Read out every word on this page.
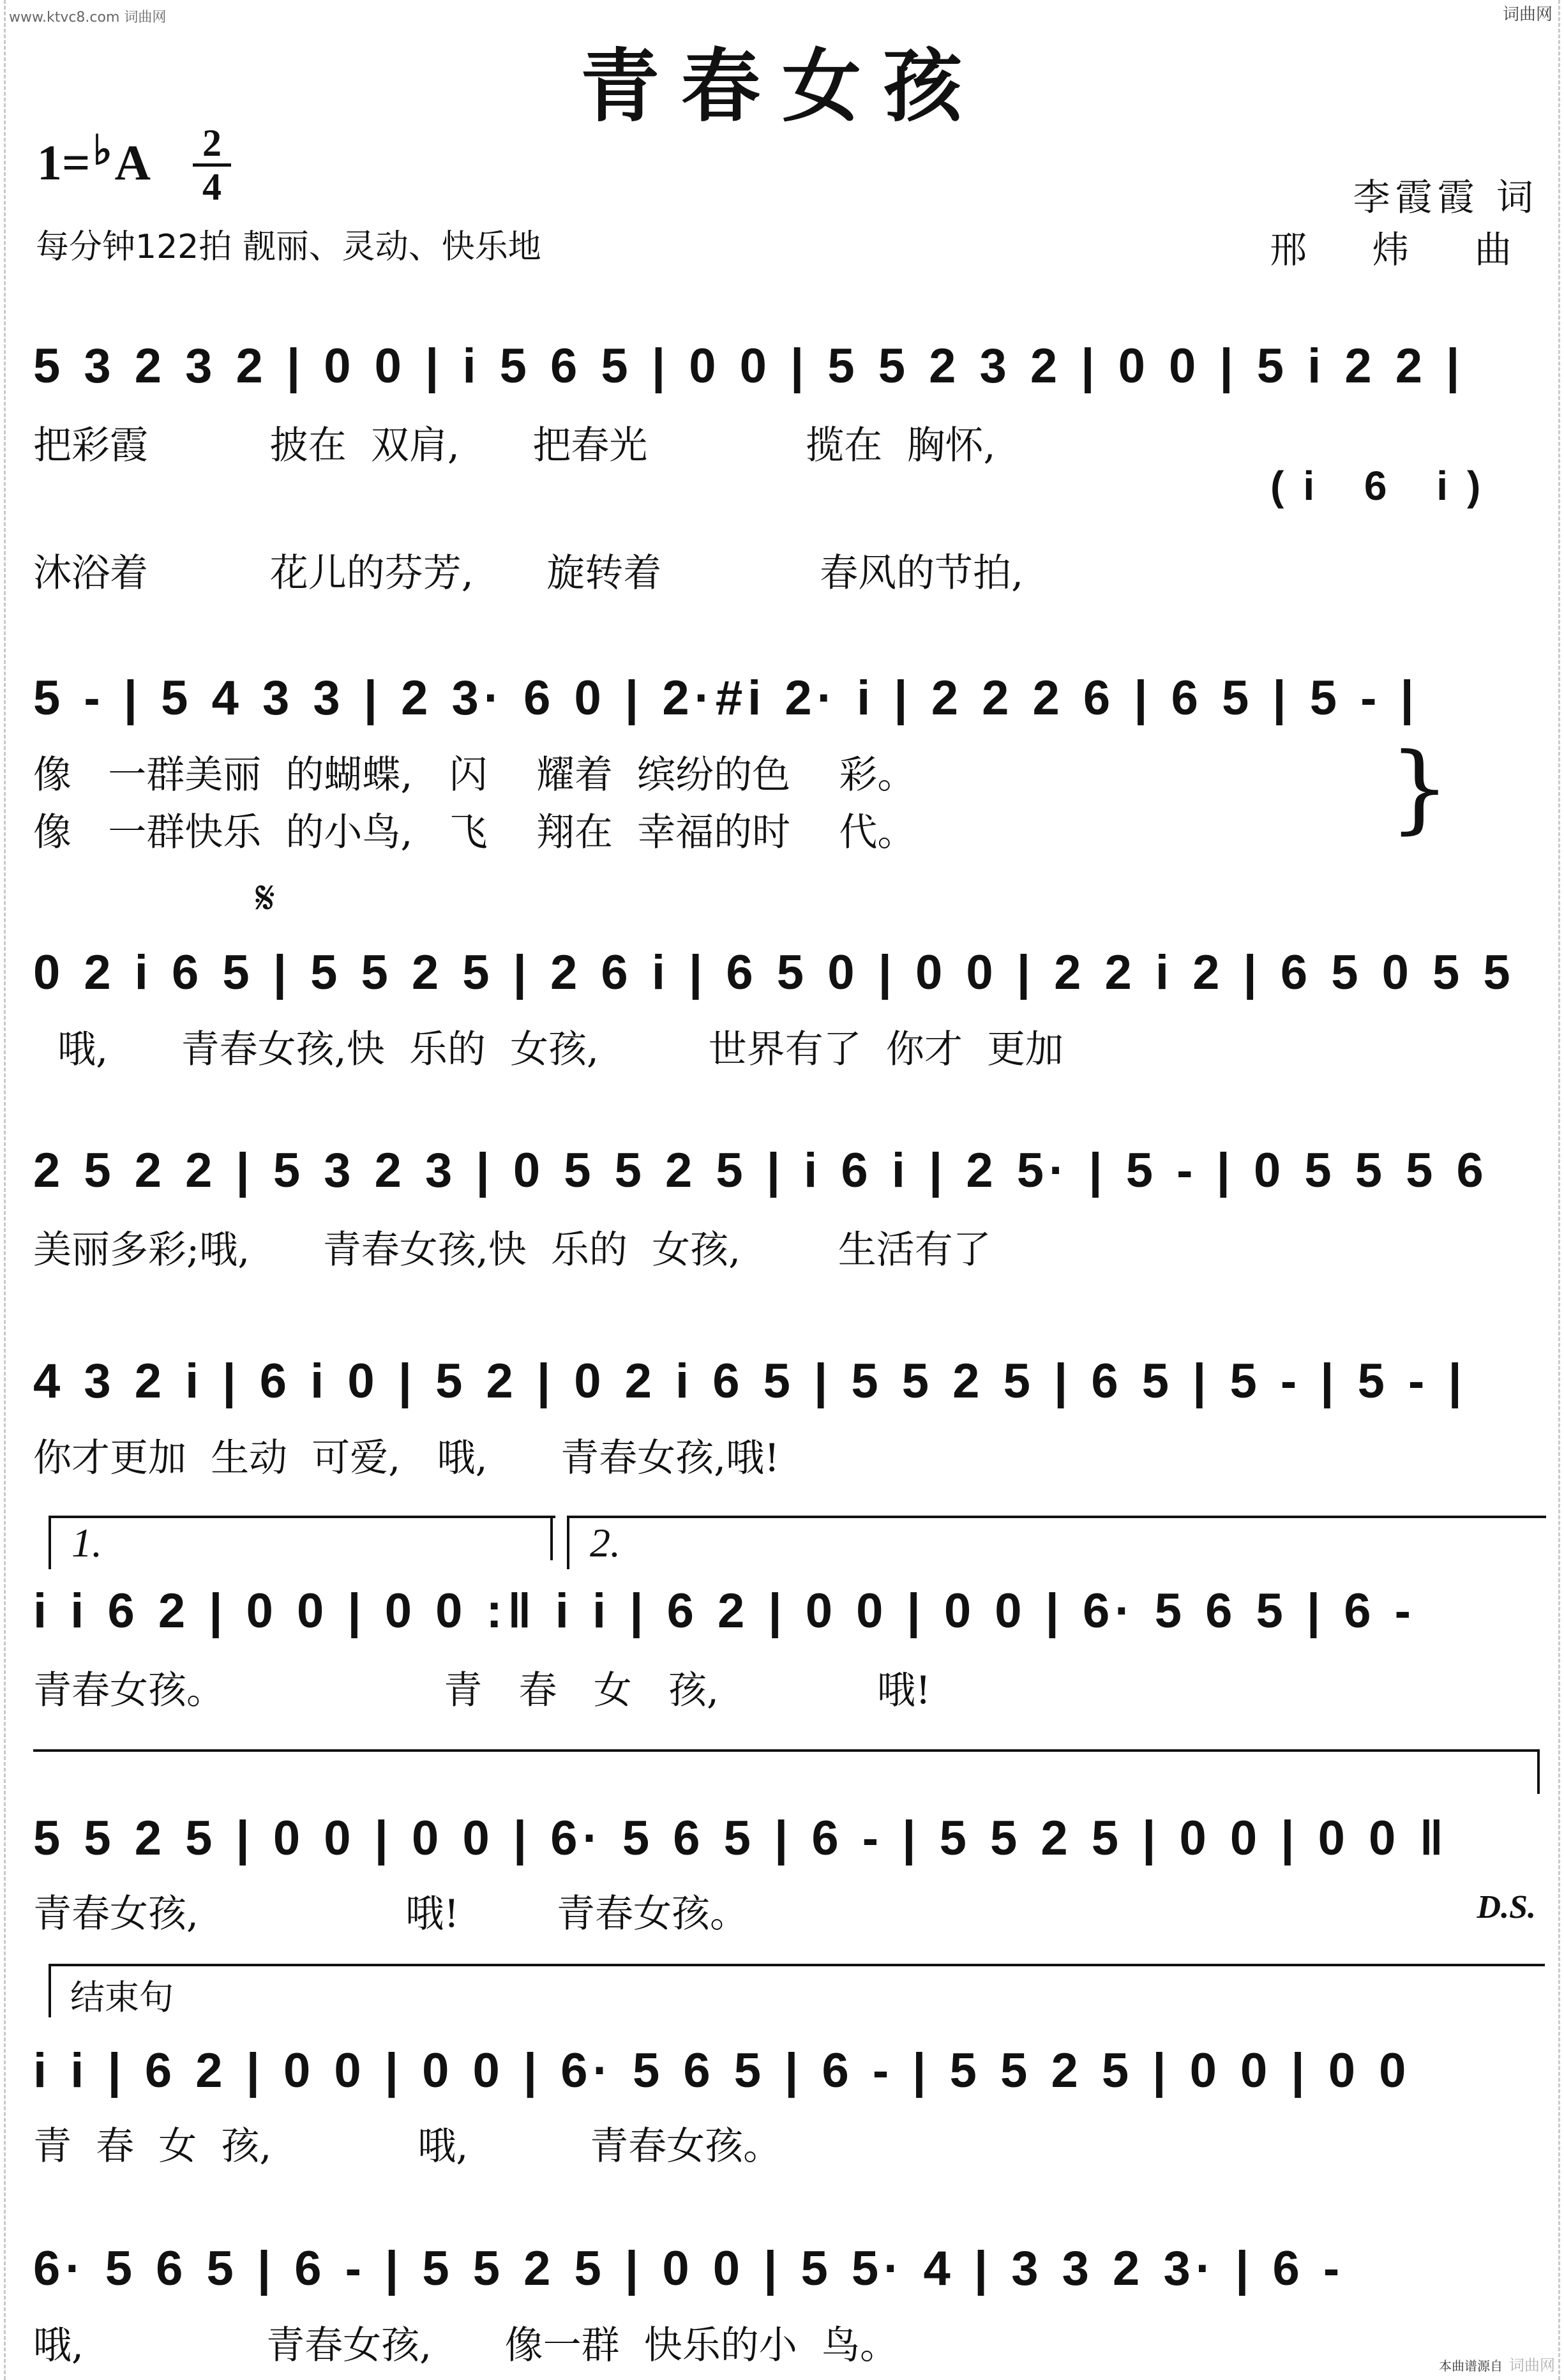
www.ktvc8.com 词曲网	词曲网
本曲谱源自 词曲网
青春女孩
1=♭A 2
4
每分钟122拍 靓丽、灵动、快乐地
李霞霞 词
邢 炜 曲
5 3 2 3 2 | 0 0 | i 5 6 5 | 0 0 | 5 5 2 3 2 | 0 0 | 5 i 2 2 |
把彩霞          披在  双肩,      把春光             揽在  胸怀,
(i 6 i)
沐浴着          花儿的芬芳,      旋转着             春风的节拍,
5 - | 5 4 3 3 | 2 3· 6 0 | 2·#i 2· i | 2 2 2 6 | 6 5 | 5 - |
像   一群美丽  的蝴蝶,   闪    耀着  缤纷的色    彩。
像   一群快乐  的小鸟,   飞    翔在  幸福的时    代。	}
𝄋
0 2 i 6 5 | 5 5 2 5 | 2 6 i | 6 5 0 | 0 0 | 2 2 i 2 | 6 5 0 5 5
哦,      青春女孩,快  乐的  女孩,         世界有了  你才  更加
2 5 2 2 | 5 3 2 3 | 0 5 5 2 5 | i 6 i | 2 5· | 5 - | 0 5 5 5 6
美丽多彩;哦,      青春女孩,快  乐的  女孩,        生活有了
4 3 2 i | 6 i 0 | 5 2 | 0 2 i 6 5 | 5 5 2 5 | 6 5 | 5 - | 5 - |
你才更加  生动  可爱,   哦,      青春女孩,哦!
1.	2.
i i 6 2 | 0 0 | 0 0 :‖ i i | 6 2 | 0 0 | 0 0 | 6· 5 6 5 | 6 -
青春女孩。                  青   春   女   孩,             哦!
5 5 2 5 | 0 0 | 0 0 | 6· 5 6 5 | 6 - | 5 5 2 5 | 0 0 | 0 0 ‖
青春女孩,                 哦!        青春女孩。	D.S.
结束句
i i | 6 2 | 0 0 | 0 0 | 6· 5 6 5 | 6 - | 5 5 2 5 | 0 0 | 0 0
青  春  女  孩,            哦,          青春女孩。
6· 5 6 5 | 6 - | 5 5 2 5 | 0 0 | 5 5· 4 | 3 3 2 3· | 6 -
哦,               青春女孩,      像一群  快乐的小  鸟。
